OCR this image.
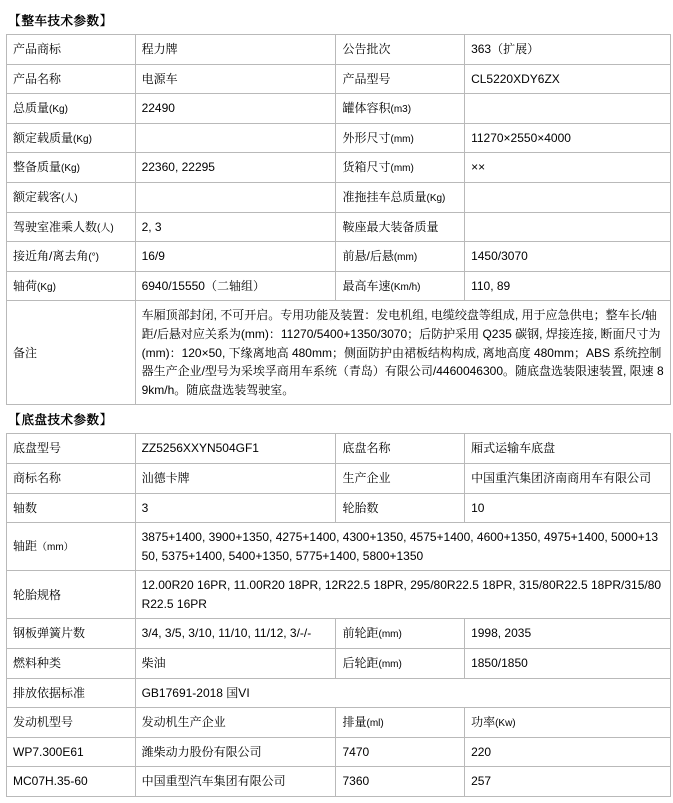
【 整车技术参数 】
产品商标	程力牌	公告批次	363（扩展）
产品名称	电源车	产品型号	CL5220XDY6ZX
总质量(Kg)	22490	罐体容积(m3)	
额定载质量(Kg)		外形尺寸(mm)	11270×2550×4000
整备质量(Kg)	22360, 22295	货箱尺寸(mm)	××
额定载客(人)		准拖挂车总质量(Kg)	
驾驶室准乘人数(人)	2, 3	鞍座最大装备质量	
接近角/离去角(°)	16/9	前悬/后悬(mm)	1450/3070
轴荷(Kg)	6940/15550（二轴组）	最高车速(Km/h)	110, 89
备注	车厢顶部封闭, 不可开启。专用功能及装置：发电机组, 电缆绞盘等组成, 用于应急供电；整车长/轴距/后悬对应关系为(mm)：11270/5400+1350/3070；后防护采用 Q235 碳钢, 焊接连接, 断面尺寸为(mm)：120×50, 下缘离地高 480mm；侧面防护由裙板结构构成, 离地高度 480mm；ABS 系统控制器生产企业/型号为采埃孚商用车系统（青岛）有限公司/4460046300。随底盘选装限速装置, 限速 89km/h。随底盘选装驾驶室。		
【 底盘技术参数 】
底盘型号	ZZ5256XXYN504GF1	底盘名称	厢式运输车底盘
商标名称	汕德卡牌	生产企业	中国重汽集团济南商用车有限公司
轴数	3	轮胎数	10
轴距（mm）	3875+1400, 3900+1350, 4275+1400, 4300+1350, 4575+1400, 4600+1350, 4975+1400, 5000+1350, 5375+1400, 5400+1350, 5775+1400, 5800+1350		
轮胎规格	12.00R20 16PR, 11.00R20 18PR, 12R22.5 18PR, 295/80R22.5 18PR, 315/80R22.5 18PR/315/80R22.5 16PR		
钢板弹簧片数	3/4, 3/5, 3/10, 11/10, 11/12, 3/-/-	前轮距(mm)	1998, 2035
燃料种类	柴油	后轮距(mm)	1850/1850
排放依据标准	GB17691-2018 国VI		
发动机型号	发动机生产企业	排量(ml)	功率(Kw)
WP7.300E61	潍柴动力股份有限公司	7470	220
MC07H.35-60	中国重型汽车集团有限公司	7360	257
